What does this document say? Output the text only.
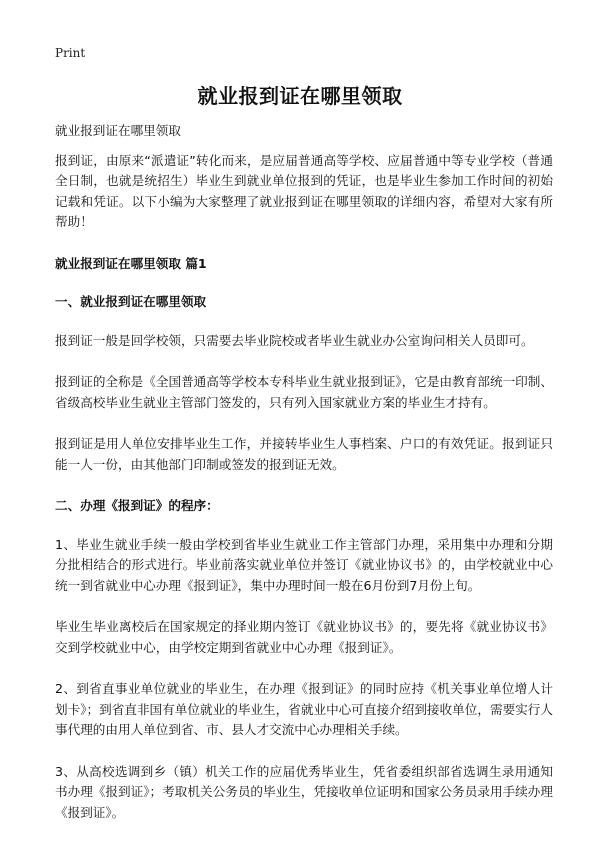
Print
就业报到证在哪里领取

就业报到证在哪里领取

报到证，由原来“派遣证”转化而来，是应届普通高等学校、应届普通中等专业学校（普通全日制，也就是统招生）毕业生到就业单位报到的凭证，也是毕业生参加工作时间的初始记载和凭证。以下小编为大家整理了就业报到证在哪里领取的详细内容，希望对大家有所帮助！

就业报到证在哪里领取 篇1

一、就业报到证在哪里领取

报到证一般是回学校领，只需要去毕业院校或者毕业生就业办公室询问相关人员即可。

报到证的全称是《全国普通高等学校本专科毕业生就业报到证》，它是由教育部统一印制、省级高校毕业生就业主管部门签发的，只有列入国家就业方案的毕业生才持有。

报到证是用人单位安排毕业生工作，并接转毕业生人事档案、户口的有效凭证。报到证只能一人一份，由其他部门印制或签发的报到证无效。

二、办理《报到证》的程序：

1、毕业生就业手续一般由学校到省毕业生就业工作主管部门办理，采用集中办理和分期分批相结合的形式进行。毕业前落实就业单位并签订《就业协议书》的，由学校就业中心统一到省就业中心办理《报到证》，集中办理时间一般在6月份到7月份上旬。

毕业生毕业离校后在国家规定的择业期内签订《就业协议书》的，要先将《就业协议书》交到学校就业中心，由学校定期到省就业中心办理《报到证》。

2、到省直事业单位就业的毕业生，在办理《报到证》的同时应持《机关事业单位增人计划卡》；到省直非国有单位就业的毕业生，省就业中心可直接介绍到接收单位，需要实行人事代理的由用人单位到省、市、县人才交流中心办理相关手续。

3、从高校选调到乡（镇）机关工作的应届优秀毕业生，凭省委组织部省选调生录用通知书办理《报到证》；考取机关公务员的毕业生，凭接收单位证明和国家公务员录用手续办理《报到证》。
